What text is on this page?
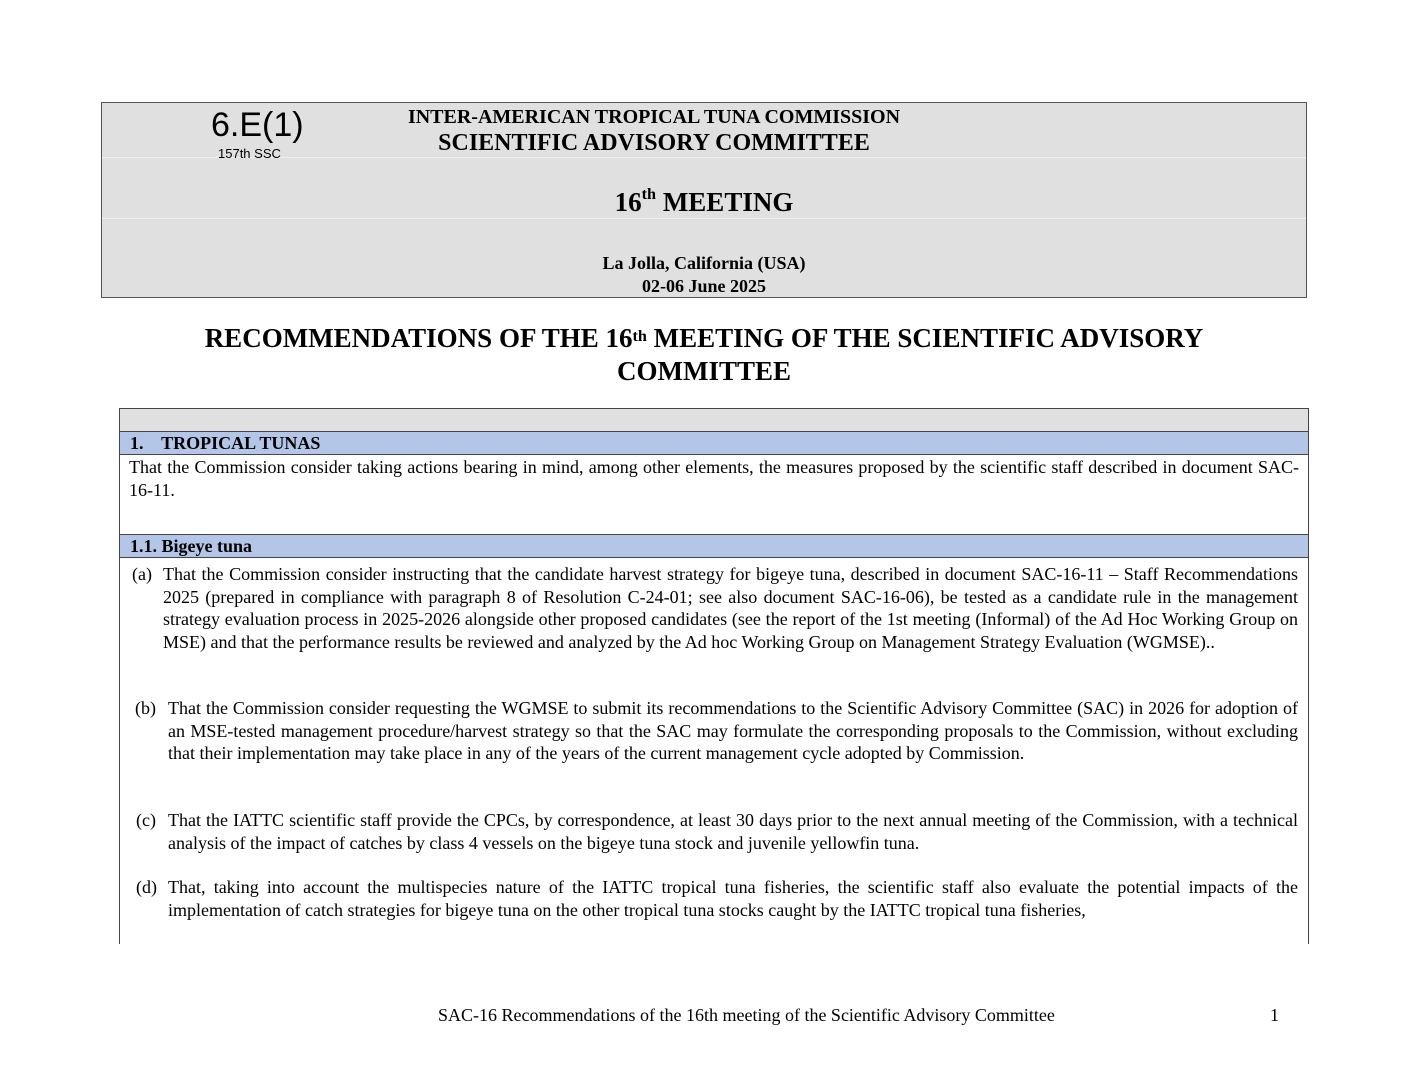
6.E(1)
157th SSC
INTER-AMERICAN TROPICAL TUNA COMMISSION
SCIENTIFIC ADVISORY COMMITTEE
16th MEETING
La Jolla, California (USA)
02-06 June 2025
RECOMMENDATIONS OF THE 16th MEETING OF THE SCIENTIFIC ADVISORY
COMMITTEE
1.    TROPICAL TUNAS
That the Commission consider taking actions bearing in mind, among other elements, the measures proposed by the scientific staff described in document SAC-16-11.
1.1. Bigeye tuna
(a) That the Commission consider instructing that the candidate harvest strategy for bigeye tuna, described in document SAC-16-11 – Staff Recommendations 2025 (prepared in compliance with paragraph 8 of Resolution C-24-01; see also document SAC-16-06), be tested as a candidate rule in the management strategy evaluation process in 2025-2026 alongside other proposed candidates (see the report of the 1st meeting (Informal) of the Ad Hoc Working Group on MSE) and that the performance results be reviewed and analyzed by the Ad hoc Working Group on Management Strategy Evaluation (WGMSE)..
(b) That the Commission consider requesting the WGMSE to submit its recommendations to the Scientific Advisory Committee (SAC) in 2026 for adoption of an MSE-tested management procedure/harvest strategy so that the SAC may formulate the corresponding proposals to the Commission, without excluding that their implementation may take place in any of the years of the current management cycle adopted by Commission.
(c) That the IATTC scientific staff provide the CPCs, by correspondence, at least 30 days prior to the next annual meeting of the Commission, with a technical analysis of the impact of catches by class 4 vessels on the bigeye tuna stock and juvenile yellowfin tuna.
(d) That, taking into account the multispecies nature of the IATTC tropical tuna fisheries, the scientific staff also evaluate the potential impacts of the implementation of catch strategies for bigeye tuna on the other tropical tuna stocks caught by the IATTC tropical tuna fisheries,
SAC-16 Recommendations of the 16th meeting of the Scientific Advisory Committee	1
